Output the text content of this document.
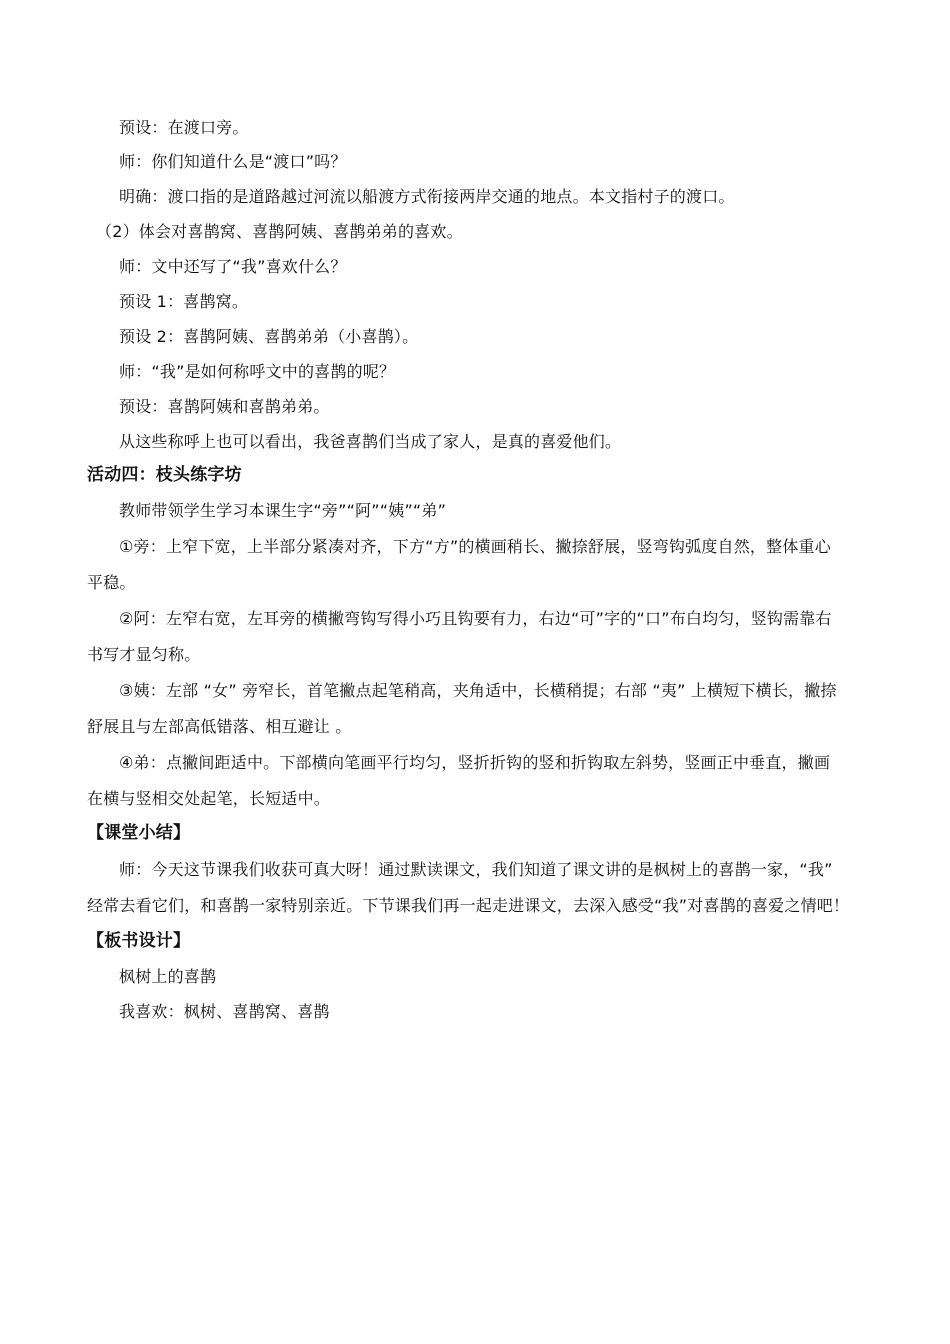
预设：在渡口旁。
师：你们知道什么是“渡口”吗？
明确：渡口指的是道路越过河流以船渡方式衔接两岸交通的地点。本文指村子的渡口。
（2）体会对喜鹊窝、喜鹊阿姨、喜鹊弟弟的喜欢。
师：文中还写了“我”喜欢什么？
预设 1：喜鹊窝。
预设 2：喜鹊阿姨、喜鹊弟弟（小喜鹊）。
师：“我”是如何称呼文中的喜鹊的呢？
预设：喜鹊阿姨和喜鹊弟弟。
从这些称呼上也可以看出，我爸喜鹊们当成了家人，是真的喜爱他们。
活动四：枝头练字坊
教师带领学生学习本课生字“旁”“阿”“姨”“弟”
①旁：上窄下宽，上半部分紧凑对齐，下方“方”的横画稍长、撇捺舒展，竖弯钩弧度自然，整体重心
平稳。
②阿：左窄右宽，左耳旁的横撇弯钩写得小巧且钩要有力，右边“可”字的“口”布白均匀，竖钩需靠右
书写才显匀称。
③姨：左部 “女” 旁窄长，首笔撇点起笔稍高，夹角适中，长横稍提；右部 “夷” 上横短下横长，撇捺
舒展且与左部高低错落、相互避让 。
④弟：点撇间距适中。下部横向笔画平行均匀，竖折折钩的竖和折钩取左斜势，竖画正中垂直，撇画
在横与竖相交处起笔，长短适中。
【课堂小结】
师：今天这节课我们收获可真大呀！通过默读课文，我们知道了课文讲的是枫树上的喜鹊一家，“我”
经常去看它们，和喜鹊一家特别亲近。下节课我们再一起走进课文，去深入感受“我”对喜鹊的喜爱之情吧！
【板书设计】
枫树上的喜鹊
我喜欢：枫树、喜鹊窝、喜鹊
